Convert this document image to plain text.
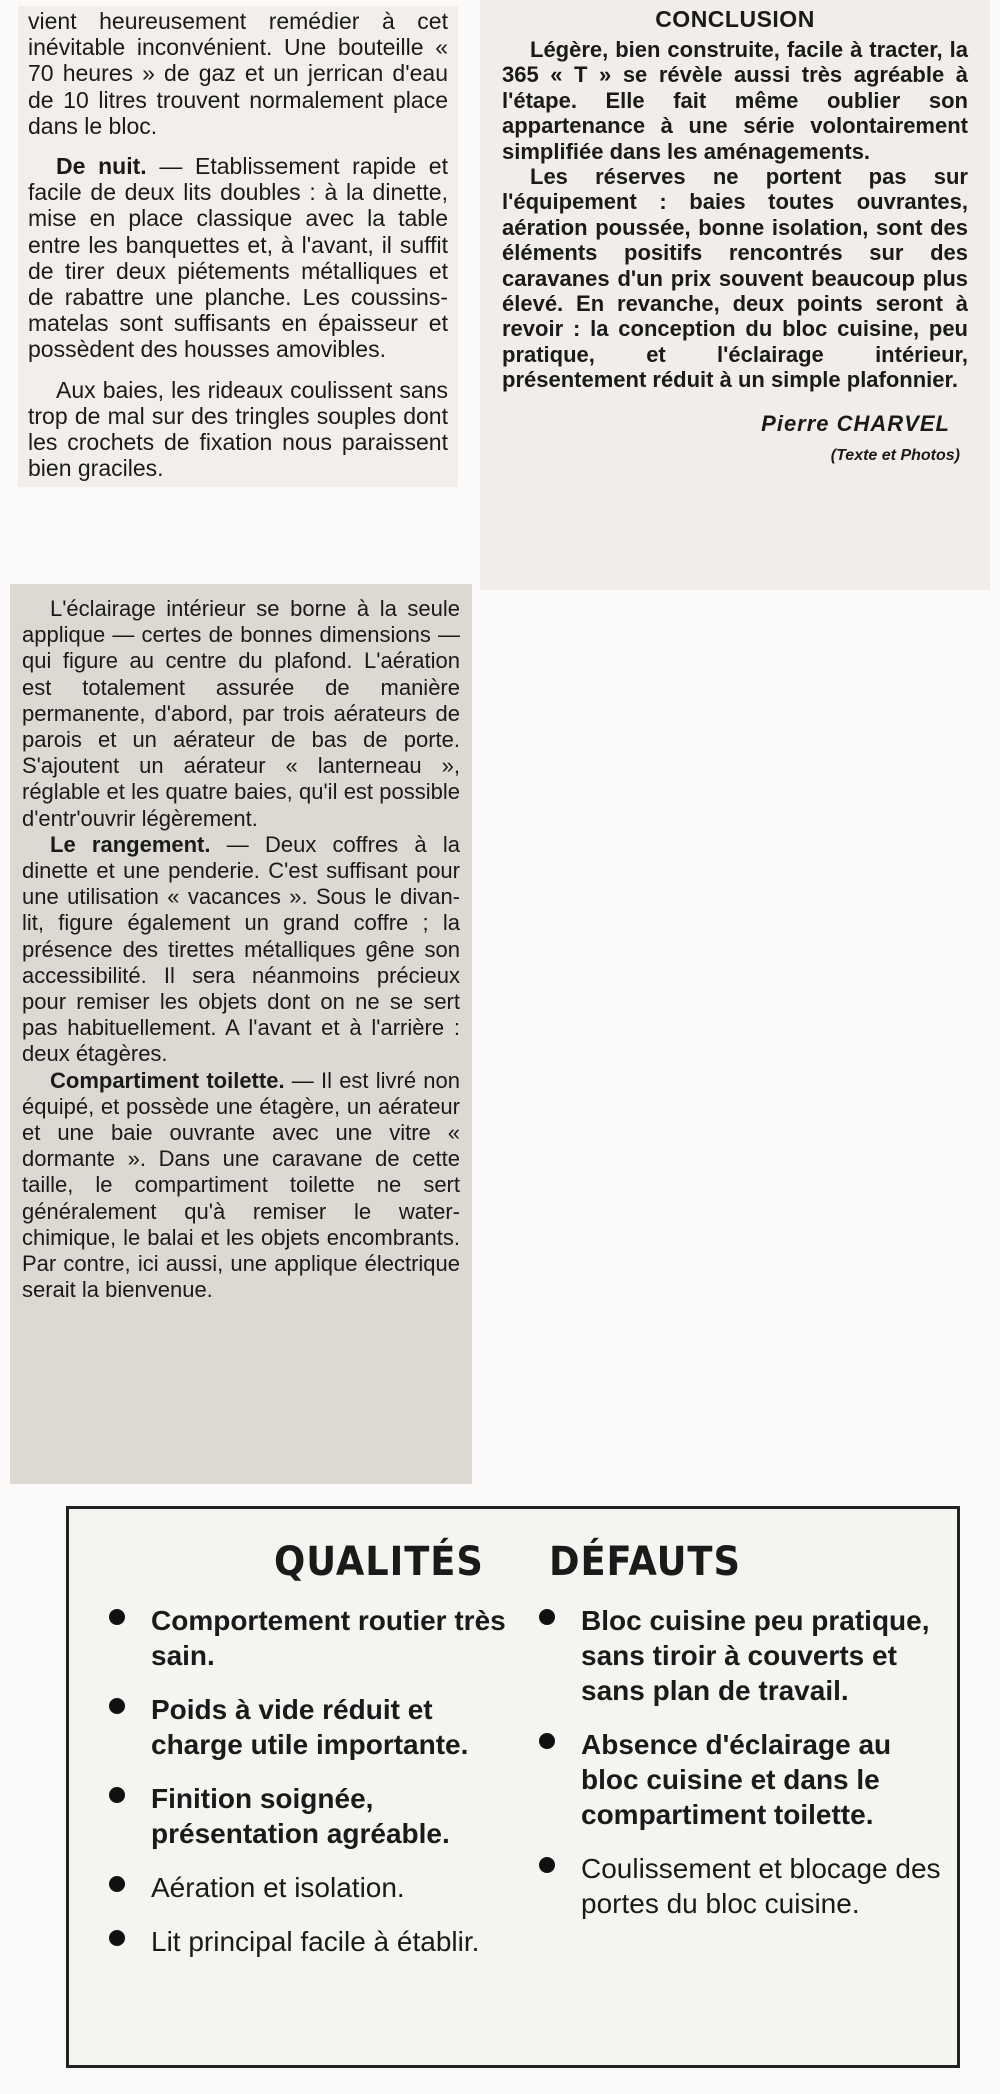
vient heureusement remédier à cet inévitable inconvénient. Une bouteille « 70 heures » de gaz et un jerrican d'eau de 10 litres trouvent normalement place dans le bloc.

De nuit. — Etablissement rapide et facile de deux lits doubles : à la dinette, mise en place classique avec la table entre les banquettes et, à l'avant, il suffit de tirer deux piétements métalliques et de rabattre une planche. Les coussins-matelas sont suffisants en épaisseur et possèdent des housses amovibles.

Aux baies, les rideaux coulissent sans trop de mal sur des tringles souples dont les crochets de fixation nous paraissent bien graciles.

CONCLUSION

Légère, bien construite, facile à tracter, la 365 « T » se révèle aussi très agréable à l'étape. Elle fait même oublier son appartenance à une série volontairement simplifiée dans les aménagements.

Les réserves ne portent pas sur l'équipement : baies toutes ouvrantes, aération poussée, bonne isolation, sont des éléments positifs rencontrés sur des caravanes d'un prix souvent beaucoup plus élevé. En revanche, deux points seront à revoir : la conception du bloc cuisine, peu pratique, et l'éclairage intérieur, présentement réduit à un simple plafonnier.

Pierre CHARVEL
(Texte et Photos)

L'éclairage intérieur se borne à la seule applique — certes de bonnes dimensions — qui figure au centre du plafond. L'aération est totalement assurée de manière permanente, d'abord, par trois aérateurs de parois et un aérateur de bas de porte. S'ajoutent un aérateur « lanterneau », réglable et les quatre baies, qu'il est possible d'entr'ouvrir légèrement.

Le rangement. — Deux coffres à la dinette et une penderie. C'est suffisant pour une utilisation « vacances ». Sous le divan-lit, figure également un grand coffre ; la présence des tirettes métalliques gêne son accessibilité. Il sera néanmoins précieux pour remiser les objets dont on ne se sert pas habituellement. A l'avant et à l'arrière : deux étagères.

Compartiment toilette. — Il est livré non équipé, et possède une étagère, un aérateur et une baie ouvrante avec une vitre « dormante ». Dans une caravane de cette taille, le compartiment toilette ne sert généralement qu'à remiser le water-chimique, le balai et les objets encombrants. Par contre, ici aussi, une applique électrique serait la bienvenue.

QUALITÉS
Comportement routier très sain.
Poids à vide réduit et charge utile importante.
Finition soignée, présentation agréable.
Aération et isolation.
Lit principal facile à établir.
DÉFAUTS
Bloc cuisine peu pratique, sans tiroir à couverts et sans plan de travail.
Absence d'éclairage au bloc cuisine et dans le compartiment toilette.
Coulissement et blocage des portes du bloc cuisine.
